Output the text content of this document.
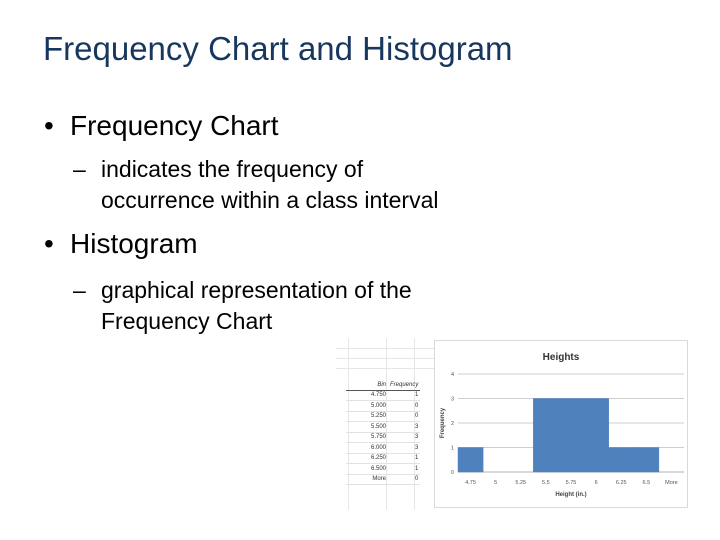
Frequency Chart and Histogram
• Frequency Chart
– indicates the frequency of
occurrence within a class interval
• Histogram
– graphical representation of the
Frequency Chart
Bin	Frequency
4.750	1
5.000	0
5.250	0
5.500	3
5.750	3
6.000	3
6.250	1
6.500	1
More	0
Heights
0
1
2
3
4
4.75	5	5.25	5.5	5.75	6	6.25	6.5	More
Height (in.)
Frequency
